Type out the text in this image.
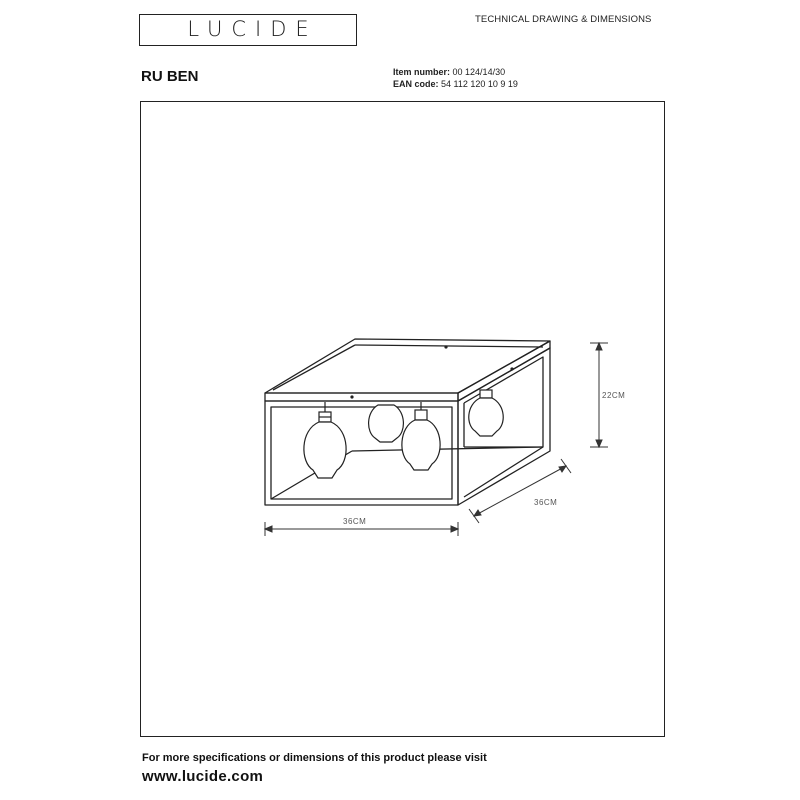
LUCIDE	TECHNICAL DRAWING & DIMENSIONS
RU BEN	Item number: 00 124/14/30
EAN code: 54 112 120 10 9 19
22CM
36CM
36CM
For more specifications or dimensions of this product please visit
www.lucide.com
